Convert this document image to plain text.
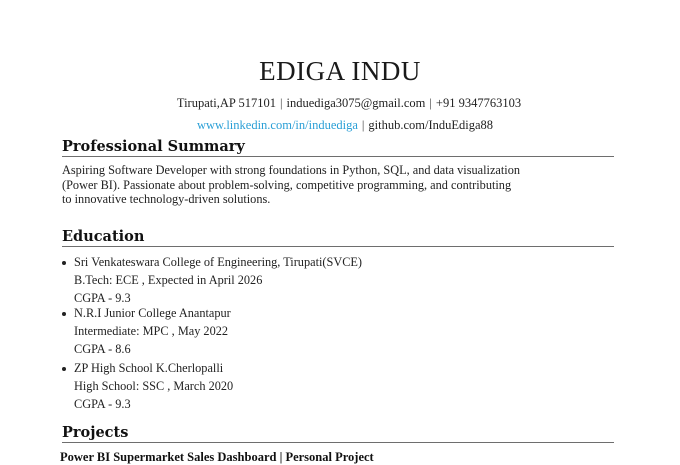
EDIGA INDU
Tirupati,AP 517101 | induediga3075@gmail.com | +91 9347763103
www.linkedin.com/in/induediga | github.com/InduEdiga88
Professional Summary
Aspiring Software Developer with strong foundations in Python, SQL, and data visualization
(Power BI). Passionate about problem-solving, competitive programming, and contributing
to innovative technology-driven solutions.
Education
Sri Venkateswara College of Engineering, Tirupati(SVCE)
B.Tech: ECE , Expected in April 2026
CGPA - 9.3
N.R.I Junior College Anantapur
Intermediate: MPC , May 2022
CGPA - 8.6
ZP High School K.Cherlopalli
High School: SSC , March 2020
CGPA - 9.3
Projects
Power BI Supermarket Sales Dashboard | Personal Project
